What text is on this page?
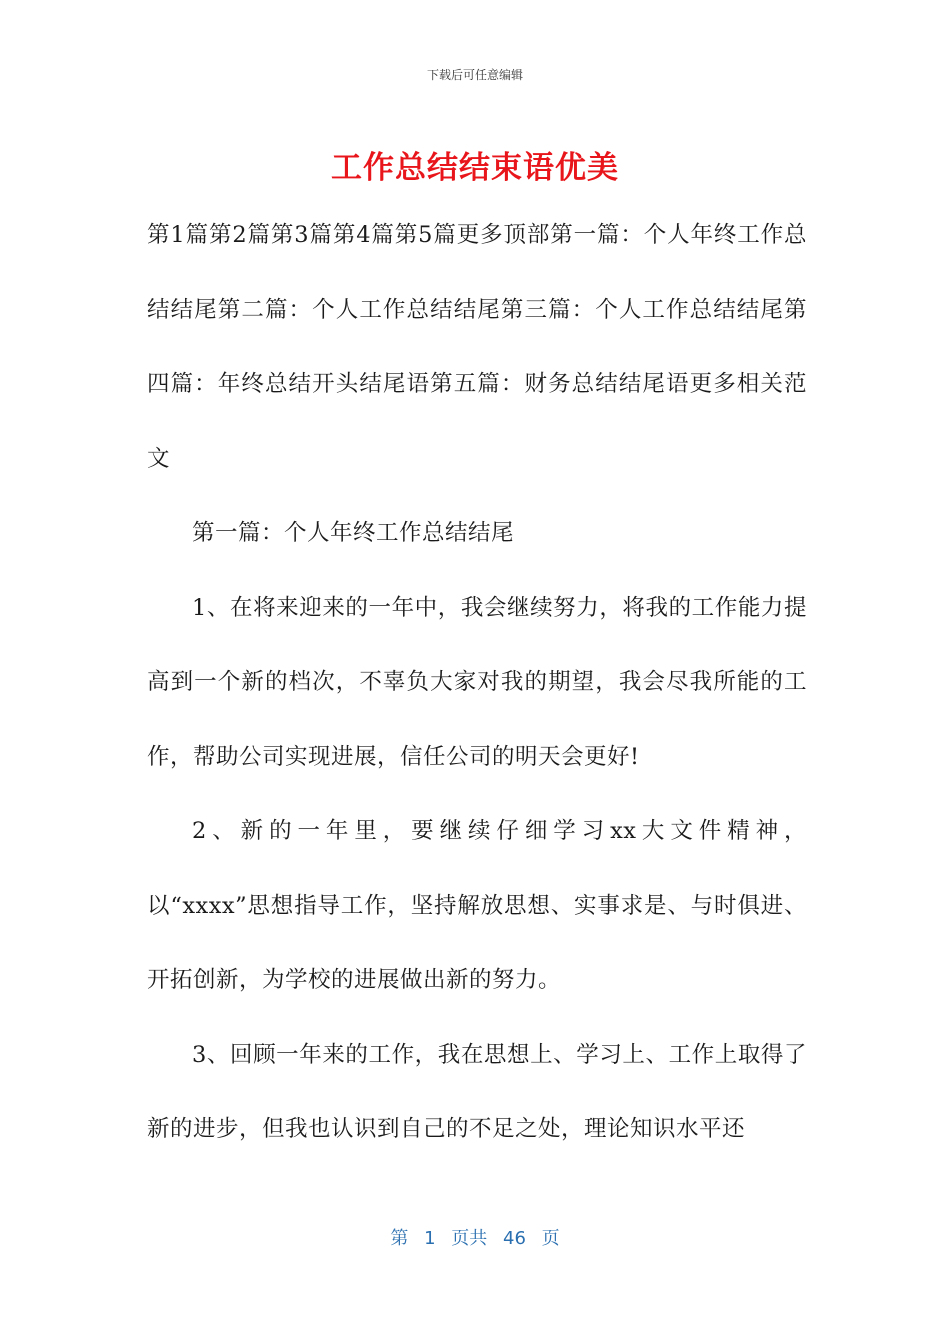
下载后可任意编辑
工作总结结束语优美

第1篇第2篇第3篇第4篇第5篇更多顶部第一篇：个人年终工作总结结尾第二篇：个人工作总结结尾第三篇：个人工作总结结尾第四篇：年终总结开头结尾语第五篇：财务总结结尾语更多相关范文

第一篇：个人年终工作总结结尾

1、在将来迎来的一年中，我会继续努力，将我的工作能力提高到一个新的档次，不辜负大家对我的期望，我会尽我所能的工作，帮助公司实现进展，信任公司的明天会更好!

2、新的一年里，要继续仔细学习xx大文件精神，以“xxxx”思想指导工作，坚持解放思想、实事求是、与时俱进、开拓创新，为学校的进展做出新的努力。

3、回顾一年来的工作，我在思想上、学习上、工作上取得了新的进步，但我也认识到自己的不足之处，理论知识水平还

第 1 页共 46 页
